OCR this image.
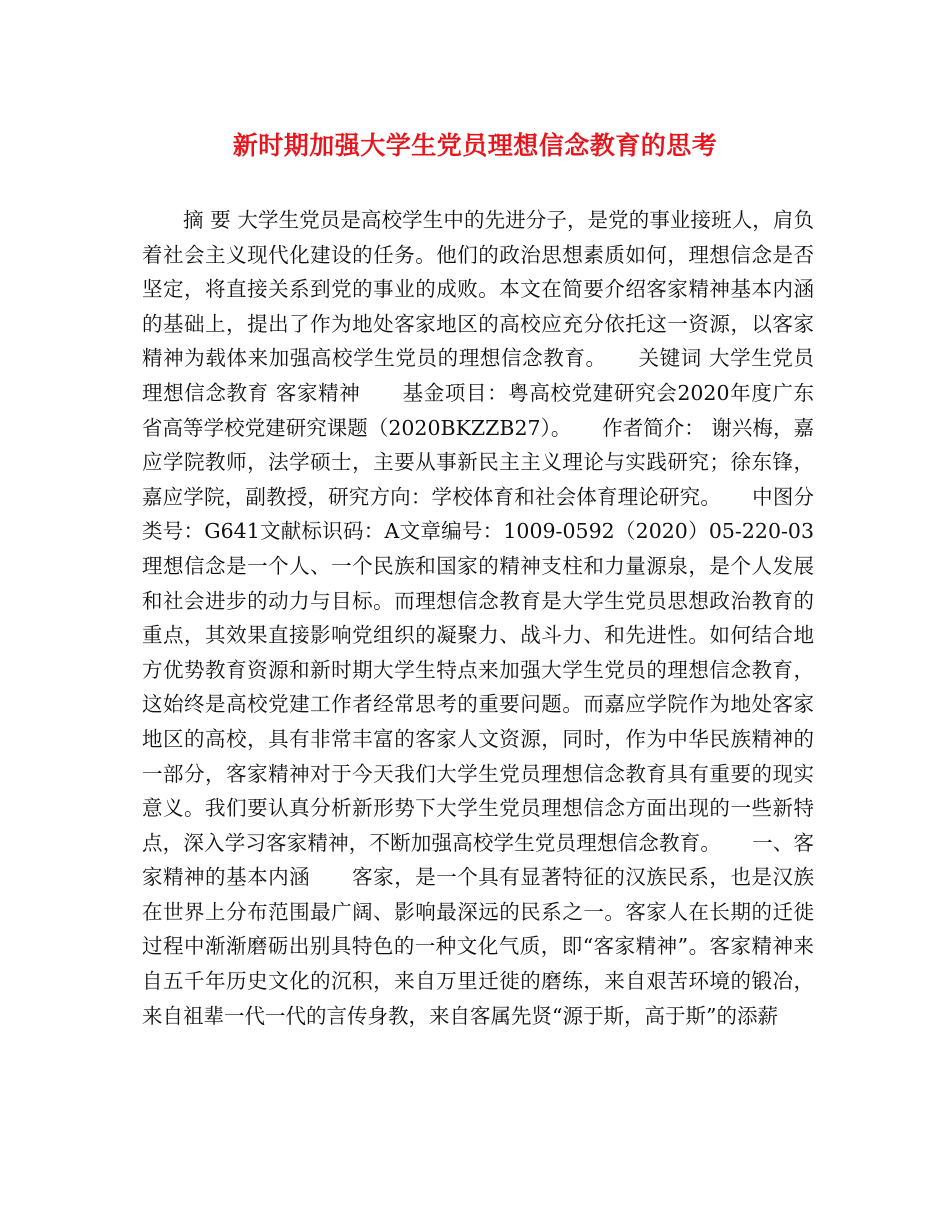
新时期加强大学生党员理想信念教育的思考

摘 要 大学生党员是高校学生中的先进分子，是党的事业接班人，肩负着社会主义现代化建设的任务。他们的政治思想素质如何，理想信念是否坚定，将直接关系到党的事业的成败。本文在简要介绍客家精神基本内涵的基础上，提出了作为地处客家地区的高校应充分依托这一资源，以客家精神为载体来加强高校学生党员的理想信念教育。　　关键词 大学生党员 理想信念教育 客家精神　　基金项目：粤高校党建研究会2020年度广东省高等学校党建研究课题（2020BKZZB27）。　　作者简介： 谢兴梅，嘉应学院教师，法学硕士，主要从事新民主主义理论与实践研究；徐东锋，嘉应学院，副教授，研究方向：学校体育和社会体育理论研究。　　中图分类号：G641文献标识码：A文章编号：1009-0592（2020）05-220-03　　理想信念是一个人、一个民族和国家的精神支柱和力量源泉，是个人发展和社会进步的动力与目标。而理想信念教育是大学生党员思想政治教育的重点，其效果直接影响党组织的凝聚力、战斗力、和先进性。如何结合地方优势教育资源和新时期大学生特点来加强大学生党员的理想信念教育，这始终是高校党建工作者经常思考的重要问题。而嘉应学院作为地处客家地区的高校，具有非常丰富的客家人文资源，同时，作为中华民族精神的一部分，客家精神对于今天我们大学生党员理想信念教育具有重要的现实意义。我们要认真分析新形势下大学生党员理想信念方面出现的一些新特点，深入学习客家精神，不断加强高校学生党员理想信念教育。　　一、客家精神的基本内涵　　客家，是一个具有显著特征的汉族民系，也是汉族在世界上分布范围最广阔、影响最深远的民系之一。客家人在长期的迁徙过程中渐渐磨砺出别具特色的一种文化气质，即“客家精神”。客家精神来自五千年历史文化的沉积，来自万里迁徙的磨练，来自艰苦环境的锻冶，来自祖辈一代一代的言传身教，来自客属先贤“源于斯，高于斯”的添薪
